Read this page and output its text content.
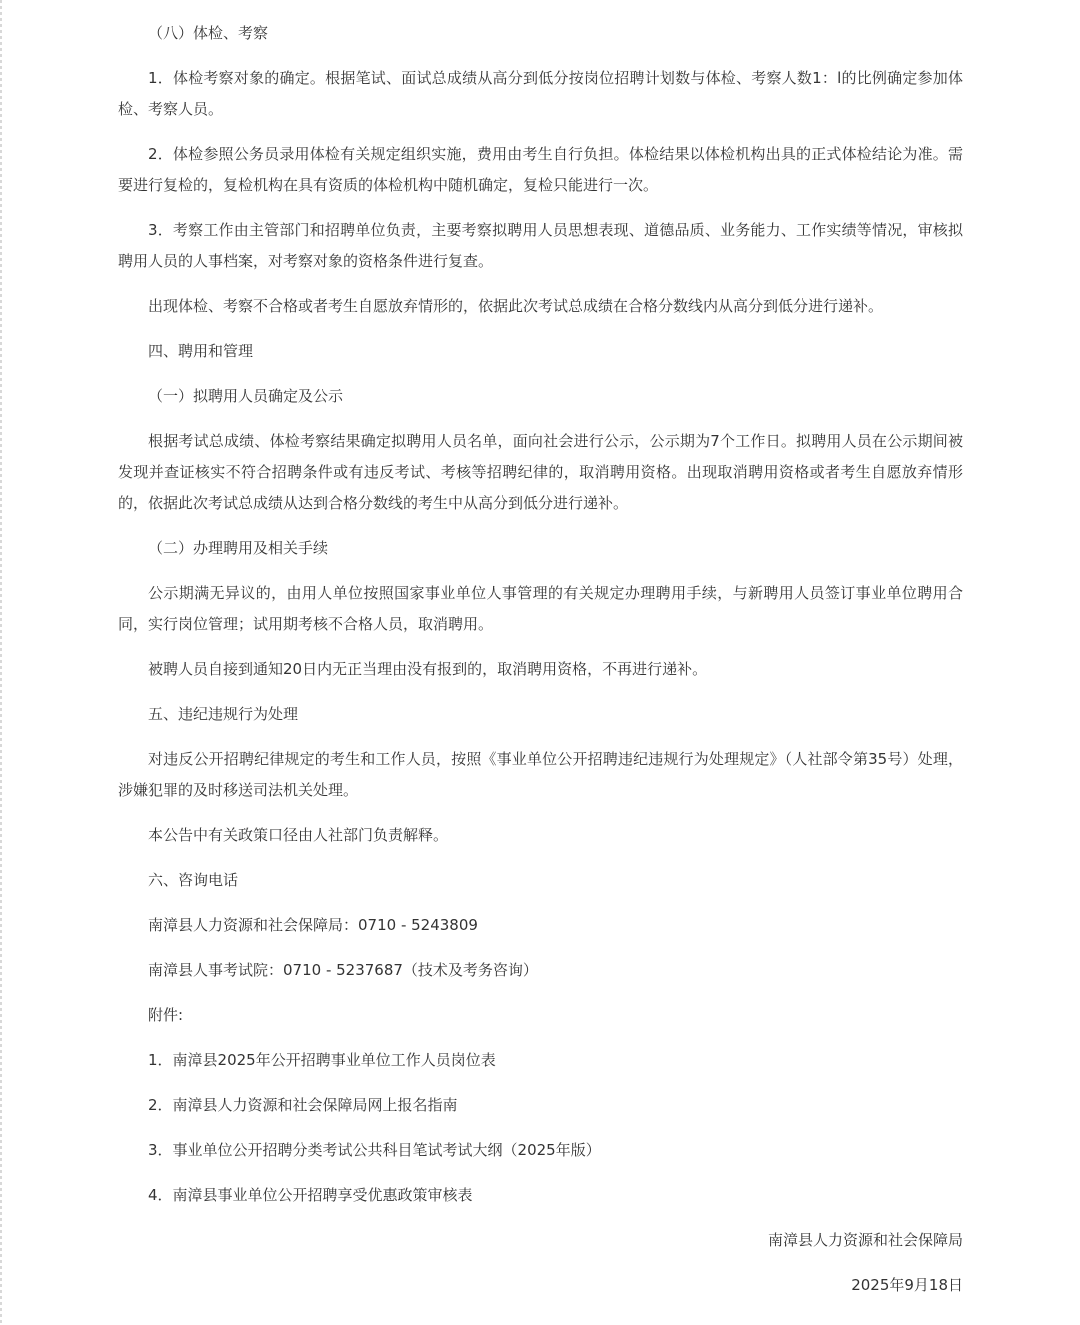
（八）体检、考察

1．体检考察对象的确定。根据笔试、面试总成绩从高分到低分按岗位招聘计划数与体检、考察人数1：l的比例确定参加体检、考察人员。

2．体检参照公务员录用体检有关规定组织实施，费用由考生自行负担。体检结果以体检机构出具的正式体检结论为准。需要进行复检的，复检机构在具有资质的体检机构中随机确定，复检只能进行一次。

3．考察工作由主管部门和招聘单位负责，主要考察拟聘用人员思想表现、道德品质、业务能力、工作实绩等情况，审核拟聘用人员的人事档案，对考察对象的资格条件进行复查。

出现体检、考察不合格或者考生自愿放弃情形的，依据此次考试总成绩在合格分数线内从高分到低分进行递补。

四、聘用和管理

（一）拟聘用人员确定及公示

根据考试总成绩、体检考察结果确定拟聘用人员名单，面向社会进行公示，公示期为7个工作日。拟聘用人员在公示期间被发现并查证核实不符合招聘条件或有违反考试、考核等招聘纪律的，取消聘用资格。出现取消聘用资格或者考生自愿放弃情形的，依据此次考试总成绩从达到合格分数线的考生中从高分到低分进行递补。

（二）办理聘用及相关手续

公示期满无异议的，由用人单位按照国家事业单位人事管理的有关规定办理聘用手续，与新聘用人员签订事业单位聘用合同，实行岗位管理；试用期考核不合格人员，取消聘用。

被聘人员自接到通知20日内无正当理由没有报到的，取消聘用资格，不再进行递补。

五、违纪违规行为处理

对违反公开招聘纪律规定的考生和工作人员，按照《事业单位公开招聘违纪违规行为处理规定》（人社部令第35号）处理，涉嫌犯罪的及时移送司法机关处理。

本公告中有关政策口径由人社部门负责解释。

六、咨询电话

南漳县人力资源和社会保障局：0710 - 5243809

南漳县人事考试院：0710 - 5237687（技术及考务咨询）

附件:

1．南漳县2025年公开招聘事业单位工作人员岗位表

2．南漳县人力资源和社会保障局网上报名指南

3．事业单位公开招聘分类考试公共科目笔试考试大纲（2025年版）

4．南漳县事业单位公开招聘享受优惠政策审核表

南漳县人力资源和社会保障局

2025年9月18日
